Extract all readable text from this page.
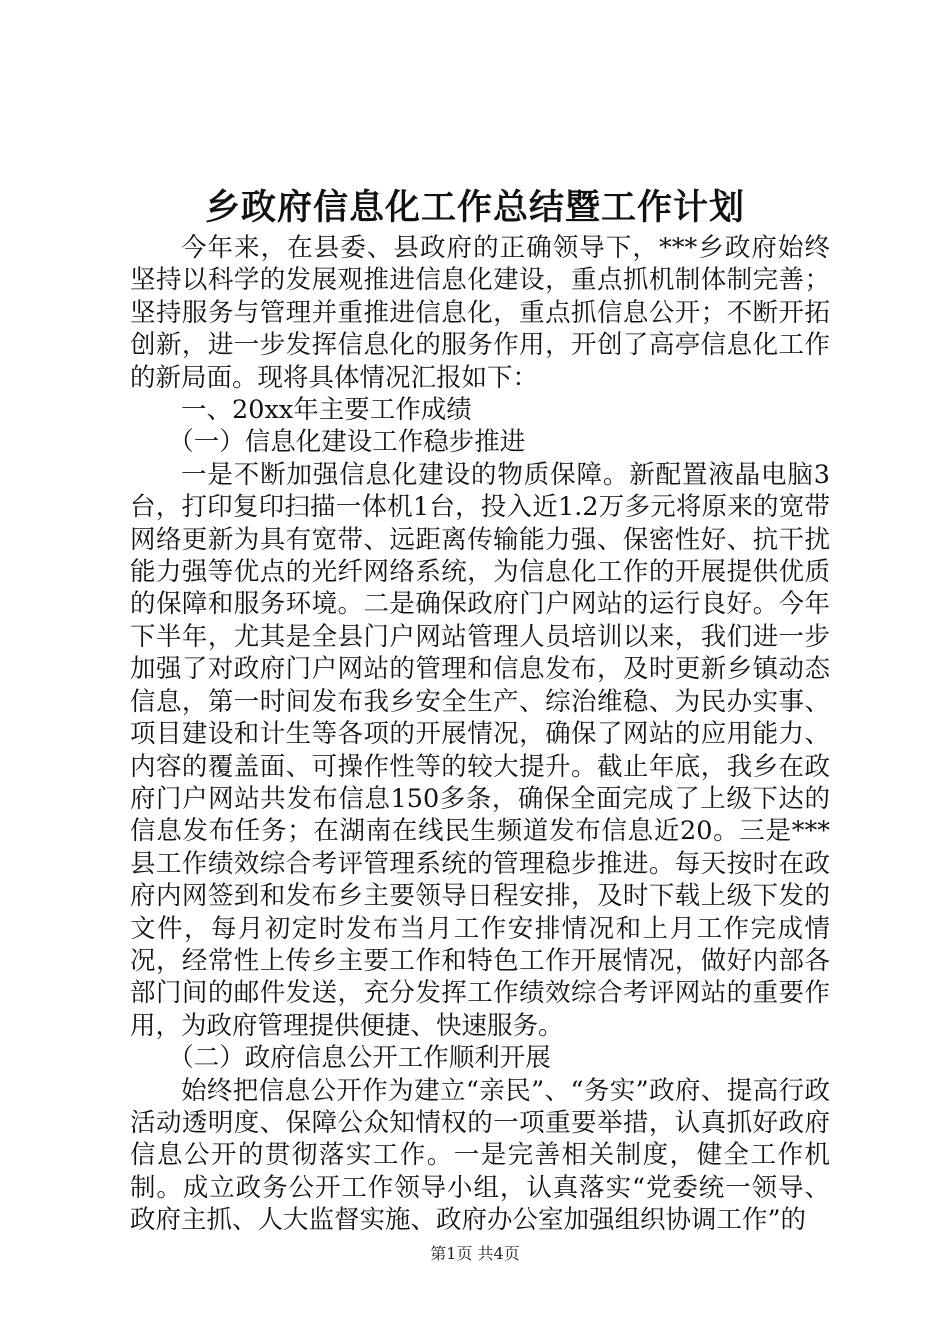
乡政府信息化工作总结暨工作计划

今年来，在县委、县政府的正确领导下，***乡政府始终坚持以科学的发展观推进信息化建设，重点抓机制体制完善；坚持服务与管理并重推进信息化，重点抓信息公开；不断开拓创新，进一步发挥信息化的服务作用，开创了高亭信息化工作的新局面。现将具体情况汇报如下：

一、20xx年主要工作成绩

（一）信息化建设工作稳步推进

一是不断加强信息化建设的物质保障。新配置液晶电脑3台，打印复印扫描一体机1台，投入近1.2万多元将原来的宽带网络更新为具有宽带、远距离传输能力强、保密性好、抗干扰能力强等优点的光纤网络系统，为信息化工作的开展提供优质的保障和服务环境。二是确保政府门户网站的运行良好。今年下半年，尤其是全县门户网站管理人员培训以来，我们进一步加强了对政府门户网站的管理和信息发布，及时更新乡镇动态信息，第一时间发布我乡安全生产、综治维稳、为民办实事、项目建设和计生等各项的开展情况，确保了网站的应用能力、内容的覆盖面、可操作性等的较大提升。截止年底，我乡在政府门户网站共发布信息150多条，确保全面完成了上级下达的信息发布任务；在湖南在线民生频道发布信息近20。三是***县工作绩效综合考评管理系统的管理稳步推进。每天按时在政府内网签到和发布乡主要领导日程安排，及时下载上级下发的文件，每月初定时发布当月工作安排情况和上月工作完成情况，经常性上传乡主要工作和特色工作开展情况，做好内部各部门间的邮件发送，充分发挥工作绩效综合考评网站的重要作用，为政府管理提供便捷、快速服务。

（二）政府信息公开工作顺利开展

始终把信息公开作为建立“亲民”、“务实”政府、提高行政活动透明度、保障公众知情权的一项重要举措，认真抓好政府信息公开的贯彻落实工作。一是完善相关制度，健全工作机制。成立政务公开工作领导小组，认真落实“党委统一领导、政府主抓、人大监督实施、政府办公室加强组织协调工作”的

第1页 共4页
